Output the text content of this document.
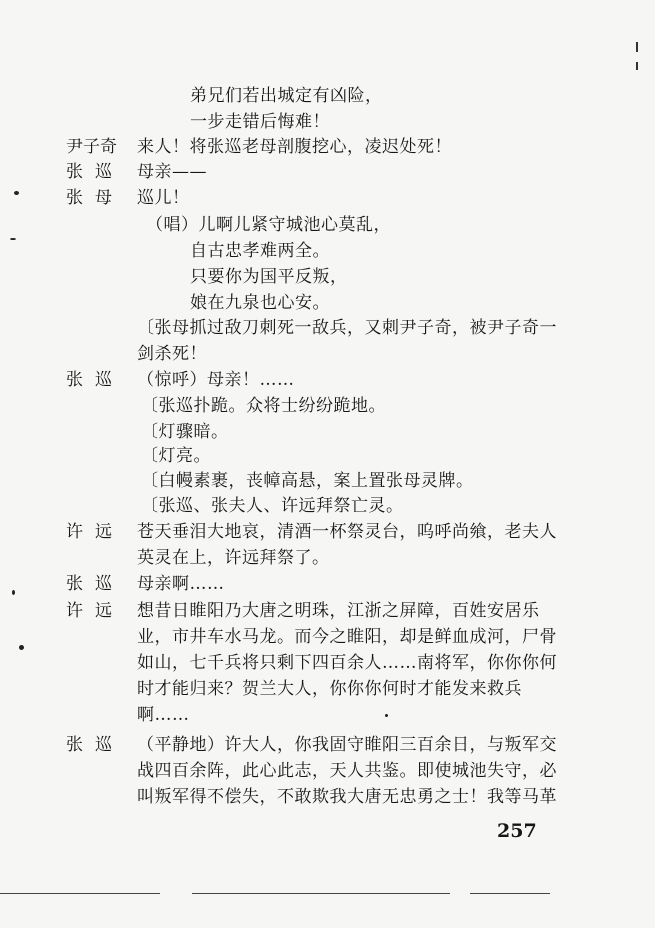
弟兄们若出城定有凶险，
一步走错后悔难！
尹子奇 来人！将张巡老母剖腹挖心，凌迟处死！
张巡 母亲——
张母 巡儿！
（唱）儿啊儿紧守城池心莫乱，
自古忠孝难两全。
只要你为国平反叛，
娘在九泉也心安。
〔张母抓过敌刀刺死一敌兵，又刺尹子奇，被尹子奇一
剑杀死！
张巡 （惊呼）母亲！……
〔张巡扑跪。众将士纷纷跪地。
〔灯骤暗。
〔灯亮。
〔白幔素裹，丧幛高悬，案上置张母灵牌。
〔张巡、张夫人、许远拜祭亡灵。
许远 苍天垂泪大地哀，清酒一杯祭灵台，呜呼尚飨，老夫人
英灵在上，许远拜祭了。
张巡 母亲啊……
许远 想昔日睢阳乃大唐之明珠，江浙之屏障，百姓安居乐
业，市井车水马龙。而今之睢阳，却是鲜血成河，尸骨
如山，七千兵将只剩下四百余人……南将军，你你你何
时才能归来？贺兰大人，你你你何时才能发来救兵
啊……
张巡 （平静地）许大人，你我固守睢阳三百余日，与叛军交
战四百余阵，此心此志，天人共鉴。即使城池失守，必
叫叛军得不偿失，不敢欺我大唐无忠勇之士！我等马革
257
